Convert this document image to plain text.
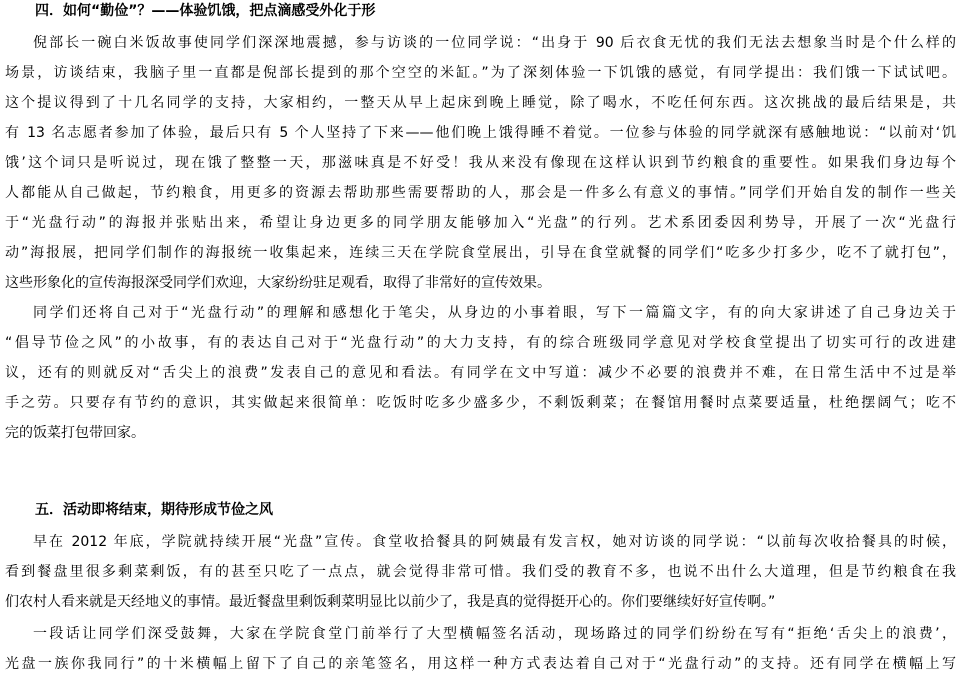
四．如何“勤俭”？——体验饥饿，把点滴感受外化于形
倪部长一碗白米饭故事使同学们深深地震撼，参与访谈的一位同学说：“出身于 90 后衣食无忧的我们无法去想象当时是个什么样的
场景，访谈结束，我脑子里一直都是倪部长提到的那个空空的米缸。”为了深刻体验一下饥饿的感觉，有同学提出：我们饿一下试试吧。
这个提议得到了十几名同学的支持，大家相约，一整天从早上起床到晚上睡觉，除了喝水，不吃任何东西。这次挑战的最后结果是，共
有 13 名志愿者参加了体验，最后只有 5 个人坚持了下来——他们晚上饿得睡不着觉。一位参与体验的同学就深有感触地说：“以前对‘饥
饿’这个词只是听说过，现在饿了整整一天，那滋味真是不好受！我从来没有像现在这样认识到节约粮食的重要性。如果我们身边每个
人都能从自己做起，节约粮食，用更多的资源去帮助那些需要帮助的人，那会是一件多么有意义的事情。”同学们开始自发的制作一些关
于“光盘行动”的海报并张贴出来，希望让身边更多的同学朋友能够加入“光盘”的行列。艺术系团委因利势导，开展了一次“光盘行
动”海报展，把同学们制作的海报统一收集起来，连续三天在学院食堂展出，引导在食堂就餐的同学们“吃多少打多少，吃不了就打包”，
这些形象化的宣传海报深受同学们欢迎，大家纷纷驻足观看，取得了非常好的宣传效果。
同学们还将自己对于“光盘行动”的理解和感想化于笔尖，从身边的小事着眼，写下一篇篇文字，有的向大家讲述了自己身边关于
“倡导节俭之风”的小故事，有的表达自己对于“光盘行动”的大力支持，有的综合班级同学意见对学校食堂提出了切实可行的改进建
议，还有的则就反对“舌尖上的浪费”发表自己的意见和看法。有同学在文中写道：减少不必要的浪费并不难，在日常生活中不过是举
手之劳。只要存有节约的意识，其实做起来很简单：吃饭时吃多少盛多少，不剩饭剩菜；在餐馆用餐时点菜要适量，杜绝摆阔气；吃不
完的饭菜打包带回家。
五．活动即将结束，期待形成节俭之风
早在 2012 年底，学院就持续开展“光盘”宣传。食堂收拾餐具的阿姨最有发言权，她对访谈的同学说：“以前每次收拾餐具的时候，
看到餐盘里很多剩菜剩饭，有的甚至只吃了一点点，就会觉得非常可惜。我们受的教育不多，也说不出什么大道理，但是节约粮食在我
们农村人看来就是天经地义的事情。最近餐盘里剩饭剩菜明显比以前少了，我是真的觉得挺开心的。你们要继续好好宣传啊。”
一段话让同学们深受鼓舞，大家在学院食堂门前举行了大型横幅签名活动，现场路过的同学们纷纷在写有“拒绝‘舌尖上的浪费’，
光盘一族你我同行”的十米横幅上留下了自己的亲笔签名，用这样一种方式表达着自己对于“光盘行动”的支持。还有同学在横幅上写
